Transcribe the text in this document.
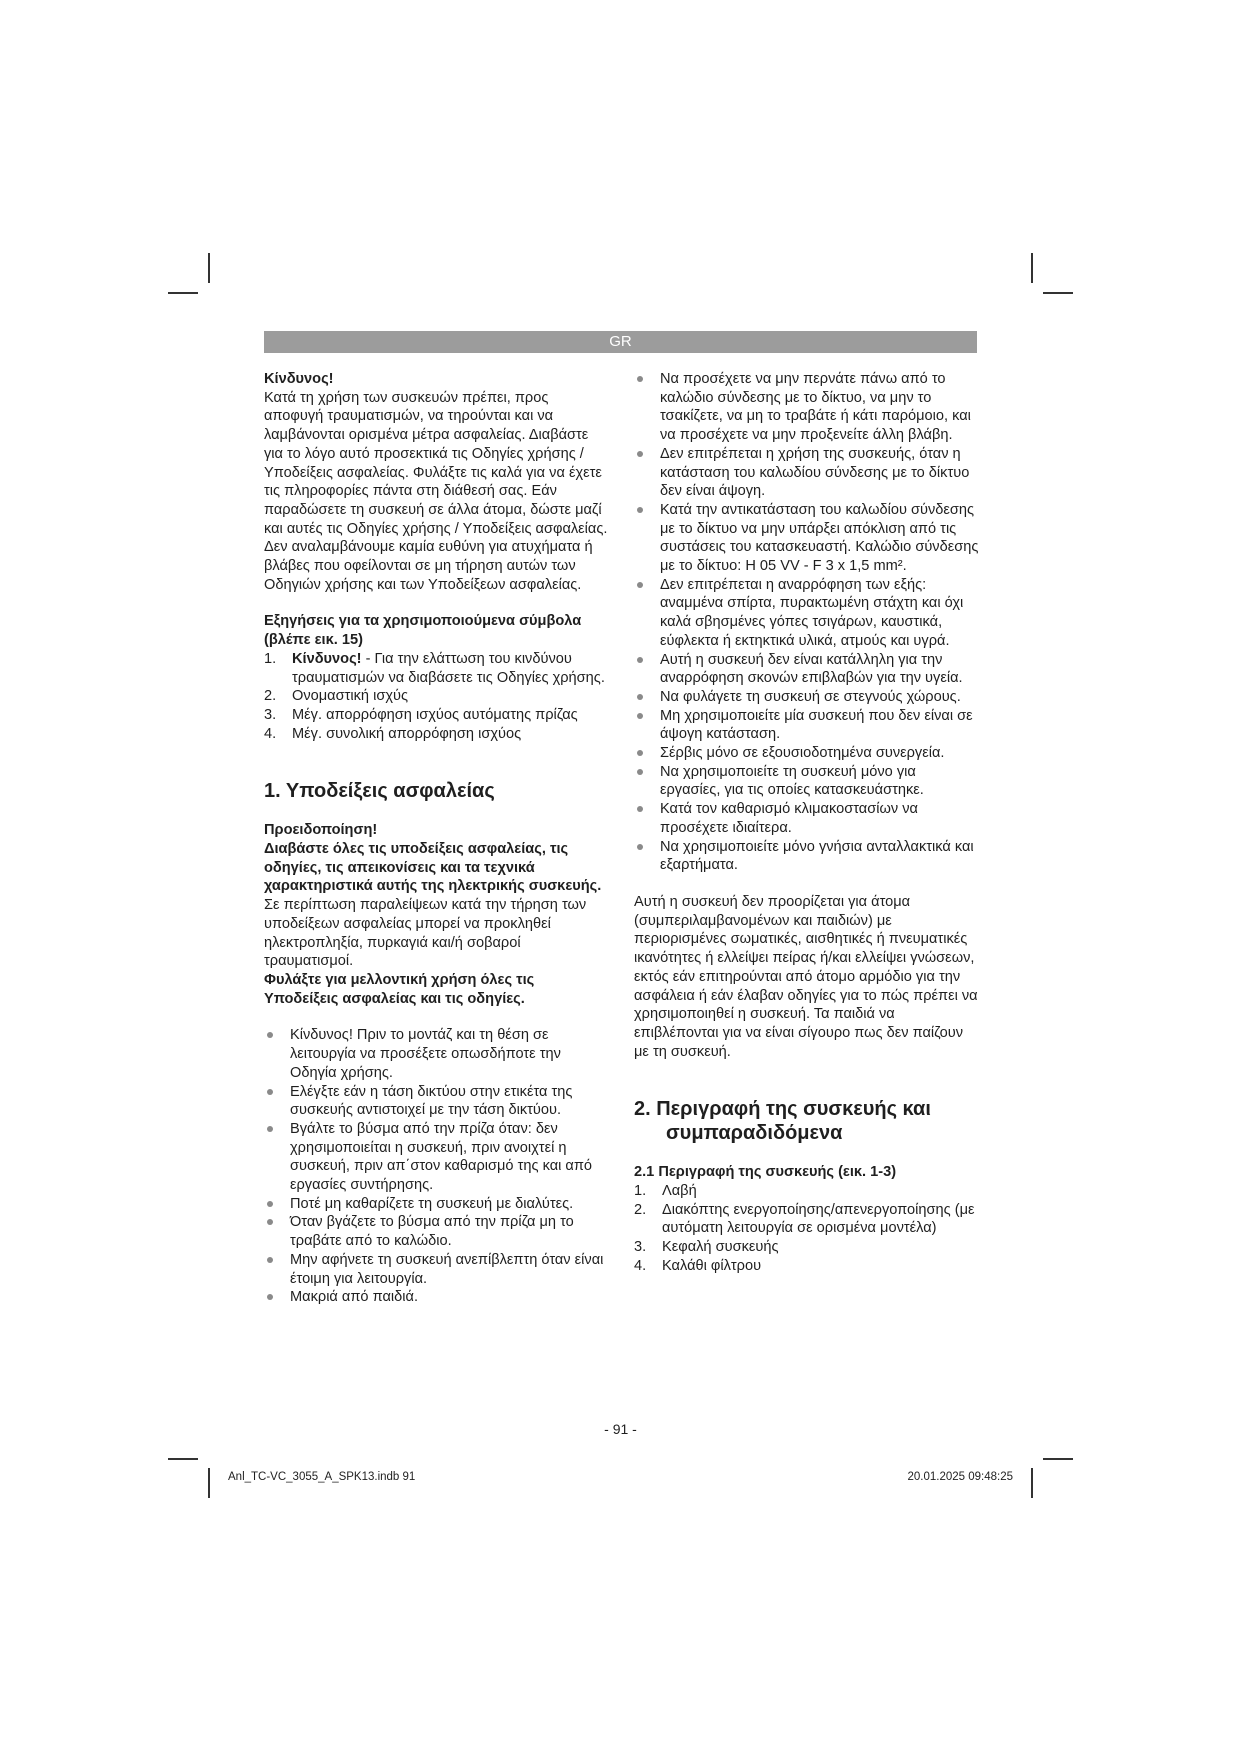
GR

Κίνδυνος!

Κατά τη χρήση των συσκευών πρέπει, προς αποφυγή τραυματισμών, να τηρούνται και να λαμβάνονται ορισμένα μέτρα ασφαλείας. Διαβάστε για το λόγο αυτό προσεκτικά τις Οδηγίες χρήσης / Υποδείξεις ασφαλείας. Φυλάξτε τις καλά για να έχετε τις πληροφορίες πάντα στη διάθεσή σας. Εάν παραδώσετε τη συσκευή σε άλλα άτομα, δώστε μαζί και αυτές τις Οδηγίες χρήσης / Υποδείξεις ασφαλείας. Δεν αναλαμβάνουμε καμία ευθύνη για ατυχήματα ή βλάβες που οφείλονται σε μη τήρηση αυτών των Οδηγιών χρήσης και των Υποδείξεων ασφαλείας.

Εξηγήσεις για τα χρησιμοποιούμενα σύμβολα (βλέπε εικ. 15)

1. Κίνδυνος! - Για την ελάττωση του κινδύνου τραυματισμών να διαβάσετε τις Οδηγίες χρήσης.
2. Ονομαστική ισχύς
3. Μέγ. απορρόφηση ισχύος αυτόματης πρίζας
4. Μέγ. συνολική απορρόφηση ισχύος
1. Υποδείξεις ασφαλείας

Προειδοποίηση!

Διαβάστε όλες τις υποδείξεις ασφαλείας, τις οδηγίες, τις απεικονίσεις και τα τεχνικά χαρακτηριστικά αυτής της ηλεκτρικής συσκευής. Σε περίπτωση παραλείψεων κατά την τήρηση των υποδείξεων ασφαλείας μπορεί να προκληθεί ηλεκτροπληξία, πυρκαγιά και/ή σοβαροί τραυματισμοί.

Φυλάξτε για μελλοντική χρήση όλες τις Υποδείξεις ασφαλείας και τις οδηγίες.

Κίνδυνος! Πριν το μοντάζ και τη θέση σε λειτουργία να προσέξετε οπωσδήποτε την Οδηγία χρήσης.
Ελέγξτε εάν η τάση δικτύου στην ετικέτα της συσκευής αντιστοιχεί με την τάση δικτύου.
Βγάλτε το βύσμα από την πρίζα όταν: δεν χρησιμοποιείται η συσκευή, πριν ανοιχτεί η συσκευή, πριν απ΄στον καθαρισμό της και από εργασίες συντήρησης.
Ποτέ μη καθαρίζετε τη συσκευή με διαλύτες.
Όταν βγάζετε το βύσμα από την πρίζα μη το τραβάτε από το καλώδιο.
Μην αφήνετε τη συσκευή ανεπίβλεπτη όταν είναι έτοιμη για λειτουργία.
Μακριά από παιδιά.
Να προσέχετε να μην περνάτε πάνω από το καλώδιο σύνδεσης με το δίκτυο, να μην το τσακίζετε, να μη το τραβάτε ή κάτι παρόμοιο, και να προσέχετε να μην προξενείτε άλλη βλάβη.
Δεν επιτρέπεται η χρήση της συσκευής, όταν η κατάσταση του καλωδίου σύνδεσης με το δίκτυο δεν είναι άψογη.
Κατά την αντικατάσταση του καλωδίου σύνδεσης με το δίκτυο να μην υπάρξει απόκλιση από τις συστάσεις του κατασκευαστή. Καλώδιο σύνδεσης με το δίκτυο: H 05 VV - F 3 x 1,5 mm².
Δεν επιτρέπεται η αναρρόφηση των εξής: αναμμένα σπίρτα, πυρακτωμένη στάχτη και όχι καλά σβησμένες γόπες τσιγάρων, καυστικά, εύφλεκτα ή εκτηκτικά υλικά, ατμούς και υγρά.
Αυτή η συσκευή δεν είναι κατάλληλη για την αναρρόφηση σκονών επιβλαβών για την υγεία.
Να φυλάγετε τη συσκευή σε στεγνούς χώρους.
Μη χρησιμοποιείτε μία συσκευή που δεν είναι σε άψογη κατάσταση.
Σέρβις μόνο σε εξουσιοδοτημένα συνεργεία.
Να χρησιμοποιείτε τη συσκευή μόνο για εργασίες, για τις οποίες κατασκευάστηκε.
Κατά τον καθαρισμό κλιμακοστασίων να προσέχετε ιδιαίτερα.
Να χρησιμοποιείτε μόνο γνήσια ανταλλακτικά και εξαρτήματα.

Αυτή η συσκευή δεν προορίζεται για άτομα (συμπεριλαμβανομένων και παιδιών) με περιορισμένες σωματικές, αισθητικές ή πνευματικές ικανότητες ή ελλείψει πείρας ή/και ελλείψει γνώσεων, εκτός εάν επιτηρούνται από άτομο αρμόδιο για την ασφάλεια ή εάν έλαβαν οδηγίες για το πώς πρέπει να χρησιμοποιηθεί η συσκευή. Τα παιδιά να επιβλέπονται για να είναι σίγουρο πως δεν παίζουν με τη συσκευή.

2. Περιγραφή της συσκευής και συμπαραδιδόμενα

2.1 Περιγραφή της συσκευής (εικ. 1-3)

1. Λαβή
2. Διακόπτης ενεργοποίησης/απενεργοποίησης (με αυτόματη λειτουργία σε ορισμένα μοντέλα)
3. Κεφαλή συσκευής
4. Καλάθι φίλτρου
- 91 -
Anl_TC-VC_3055_A_SPK13.indb 91	20.01.2025 09:48:25
